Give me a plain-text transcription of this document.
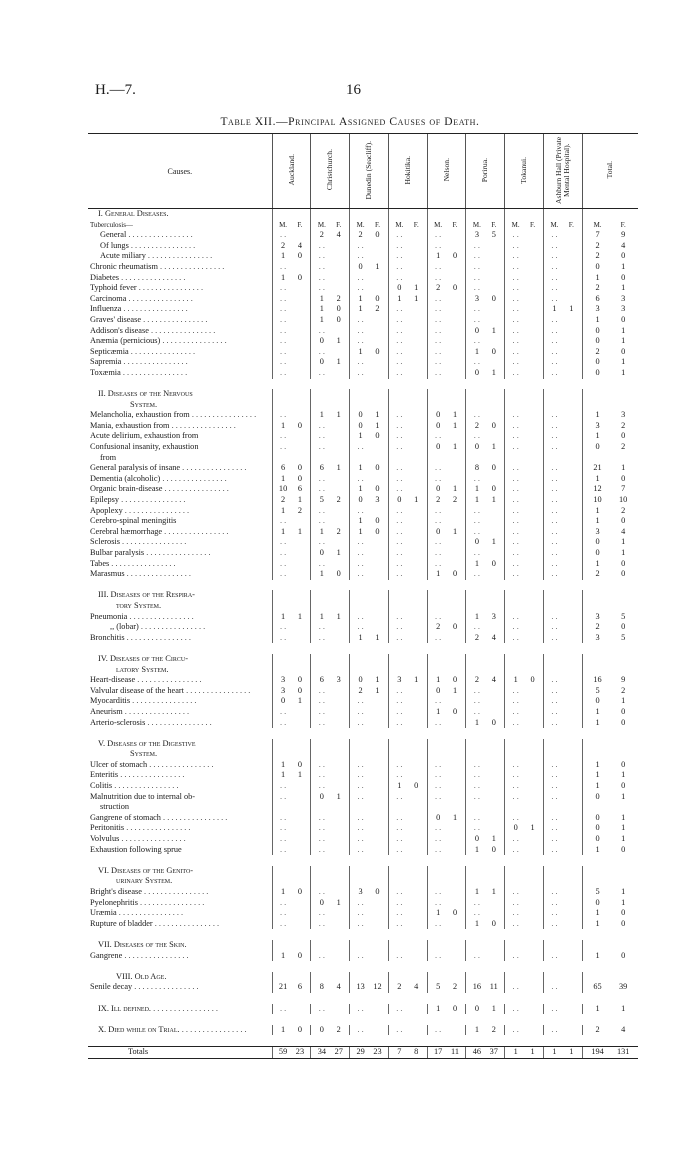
H.—7.	16
Table XII.—Principal Assigned Causes of Death.
Causes.	Auckland.	Christchurch.	Dunedin (Seacliff).	Hokitika.	Nelson.	Porirua.	Tokanui.	Ashburn Hall (Private Mental Hospital).	Total.
I. General Diseases.	

Tuberculosis—	M. F.	M. F.	M. F.	M. F.	M. F.	M. F.	M. F.	M. F.	M. F.

General . .	. .	2 4	2 0	. .	. .	3 5	. .	. .	7 9

Of lungs . .	2 4	. .	. .	. .	. .	. .	. .	. .	2 4

Acute miliary . .	1 0	. .	. .	. .	1 0	. .	. .	. .	2 0

Chronic rheumatism . .	. .	. .	0 1	. .	. .	. .	. .	. .	0 1

Diabetes . .	1 0	. .	. .	. .	. .	. .	. .	. .	1 0

Typhoid fever . .	. .	. .	. .	0 1	2 0	. .	. .	. .	2 1

Carcinoma . .	. .	1 2	1 0	1 1	. .	3 0	. .	. .	6 3

Influenza . .	. .	1 0	1 2	. .	. .	. .	. .	1 1	3 3

Graves' disease . .	. .	1 0	. .	. .	. .	. .	. .	. .	1 0

Addison's disease . .	. .	. .	. .	. .	. .	0 1	. .	. .	0 1

Anæmia (pernicious) . .	. .	0 1	. .	. .	. .	. .	. .	. .	0 1

Septicæmia . .	. .	. .	1 0	. .	. .	1 0	. .	. .	2 0

Sapremia . .	. .	0 1	. .	. .	. .	. .	. .	. .	0 1

Toxæmia . .	. .	. .	. .	. .	. .	0 1	. .	. .	0 1

II. Diseases of the Nervous	

System.	

Melancholia, exhaustion from . .	. .	1 1	0 1	. .	0 1	. .	. .	. .	1 3

Mania, exhaustion from . .	1 0	. .	0 1	. .	0 1	2 0	. .	. .	3 2

Acute delirium, exhaustion from	. .	. .	1 0	. .	. .	. .	. .	. .	1 0

Confusional insanity, exhaustion	. .	. .	. .	. .	0 1	0 1	. .	. .	0 2

from	

General paralysis of insane . .	6 0	6 1	1 0	. .	. .	8 0	. .	. .	21 1

Dementia (alcoholic) . .	1 0	. .	. .	. .	. .	. .	. .	. .	1 0

Organic brain-disease . .	10 6	. .	1 0	. .	0 1	1 0	. .	. .	12 7

Epilepsy . .	2 1	5 2	0 3	0 1	2 2	1 1	. .	. .	10 10

Apoplexy . .	1 2	. .	. .	. .	. .	. .	. .	. .	1 2

Cerebro-spinal meningitis	. .	. .	1 0	. .	. .	. .	. .	. .	1 0

Cerebral hæmorrhage . .	1 1	1 2	1 0	. .	0 1	. .	. .	. .	3 4

Sclerosis . .	. .	. .	. .	. .	. .	0 1	. .	. .	0 1

Bulbar paralysis . .	. .	0 1	. .	. .	. .	. .	. .	. .	0 1

Tabes . .	. .	. .	. .	. .	. .	1 0	. .	. .	1 0

Marasmus . .	. .	1 0	. .	. .	1 0	. .	. .	. .	2 0

III. Diseases of the Respira-	

tory System.	

Pneumonia . .	1 1	1 1	. .	. .	. .	1 3	. .	. .	3 5

,, (lobar) . .	. .	. .	. .	. .	2 0	. .	. .	. .	2 0

Bronchitis . .	. .	. .	1 1	. .	. .	2 4	. .	. .	3 5

IV. Diseases of the Circu-	

latory System.	

Heart-disease . .	3 0	6 3	0 1	3 1	1 0	2 4	1 0	. .	16 9

Valvular disease of the heart . .	3 0	. .	2 1	. .	0 1	. .	. .	. .	5 2

Myocarditis . .	0 1	. .	. .	. .	. .	. .	. .	. .	0 1

Aneurism . .	. .	. .	. .	. .	1 0	. .	. .	. .	1 0

Arterio-sclerosis . .	. .	. .	. .	. .	. .	1 0	. .	. .	1 0

V. Diseases of the Digestive	

System.	

Ulcer of stomach . .	1 0	. .	. .	. .	. .	. .	. .	. .	1 0

Enteritis . .	1 1	. .	. .	. .	. .	. .	. .	. .	1 1

Colitis . .	. .	. .	. .	1 0	. .	. .	. .	. .	1 0

Malnutrition due to internal ob-	. .	0 1	. .	. .	. .	. .	. .	. .	0 1

struction	

Gangrene of stomach . .	. .	. .	. .	. .	0 1	. .	. .	. .	0 1

Peritonitis . .	. .	. .	. .	. .	. .	. .	0 1	. .	0 1

Volvulus . .	. .	. .	. .	. .	. .	0 1	. .	. .	0 1

Exhaustion following sprue	. .	. .	. .	. .	. .	1 0	. .	. .	1 0

VI. Diseases of the Genito-	

urinary System.	

Bright's disease . .	1 0	. .	3 0	. .	. .	1 1	. .	. .	5 1

Pyelonephritis . .	. .	0 1	. .	. .	. .	. .	. .	. .	0 1

Uræmia . .	. .	. .	. .	. .	1 0	. .	. .	. .	1 0

Rupture of bladder . .	. .	. .	. .	. .	. .	1 0	. .	. .	1 0

VII. Diseases of the Skin.	

Gangrene . .	1 0	. .	. .	. .	. .	. .	. .	. .	1 0

VIII. Old Age.	

Senile decay . .	21 6	8 4	13 12	2 4	5 2	16 11	. .	. .	65 39

IX. Ill defined. . .	. .	. .	. .	. .	1 0	0 1	. .	. .	1 1

X. Died while on Trial. . .	1 0	0 2	. .	. .	. .	1 2	. .	. .	2 4

Totals	59 23	34 27	29 23	7 8	17 11	46 37	1 1	1 1	194 131
